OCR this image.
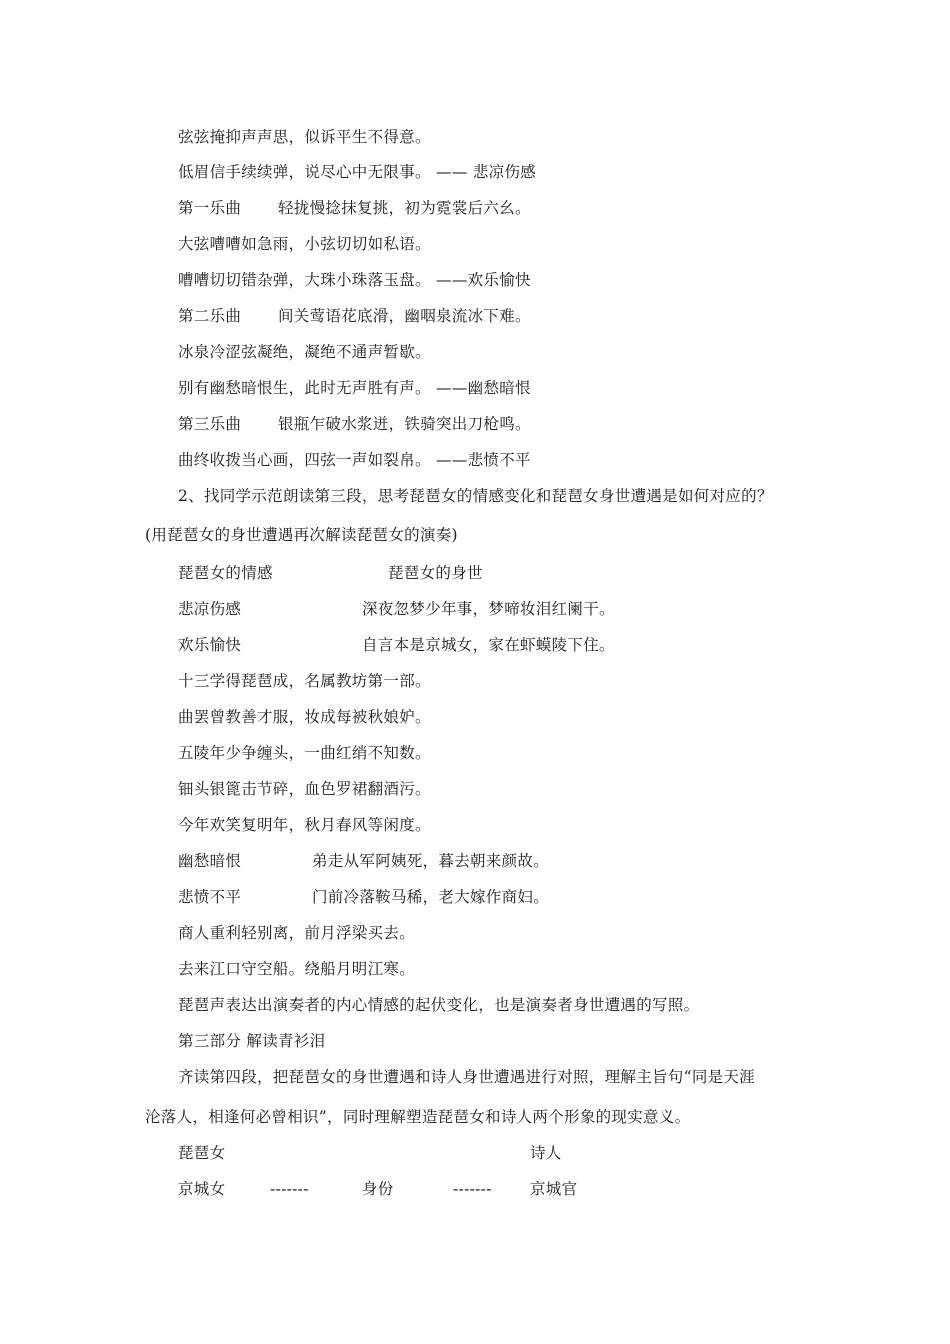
弦弦掩抑声声思，似诉平生不得意。
低眉信手续续弹，说尽心中无限事。 —— 悲凉伤感
第一乐曲 轻拢慢捻抹复挑，初为霓裳后六幺。
大弦嘈嘈如急雨，小弦切切如私语。
嘈嘈切切错杂弹，大珠小珠落玉盘。 ——欢乐愉快
第二乐曲 间关莺语花底滑，幽咽泉流冰下难。
冰泉冷涩弦凝绝，凝绝不通声暂歇。
别有幽愁暗恨生，此时无声胜有声。 ——幽愁暗恨
第三乐曲 银瓶乍破水浆迸，铁骑突出刀枪鸣。
曲终收拨当心画，四弦一声如裂帛。 ——悲愤不平
2、找同学示范朗读第三段，思考琵琶女的情感变化和琵琶女身世遭遇是如何对应的？
(用琵琶女的身世遭遇再次解读琵琶女的演奏)
琵琶女的情感	琵琶女的身世
悲凉伤感	深夜忽梦少年事，梦啼妆泪红阑干。
欢乐愉快	自言本是京城女，家在虾蟆陵下住。
十三学得琵琶成，名属教坊第一部。
曲罢曾教善才服，妆成每被秋娘妒。
五陵年少争缠头，一曲红绡不知数。
钿头银篦击节碎，血色罗裙翻酒污。
今年欢笑复明年，秋月春风等闲度。
幽愁暗恨	弟走从军阿姨死，暮去朝来颜故。
悲愤不平	门前冷落鞍马稀，老大嫁作商妇。
商人重利轻别离，前月浮梁买去。
去来江口守空船。绕船月明江寒。
琵琶声表达出演奏者的内心情感的起伏变化，也是演奏者身世遭遇的写照。
第三部分 解读青衫泪
齐读第四段，把琵琶女的身世遭遇和诗人身世遭遇进行对照，理解主旨句“同是天涯
沦落人，相逢何必曾相识”，同时理解塑造琵琶女和诗人两个形象的现实意义。
琵琶女	诗人
京城女	-------	身份	------- 京城官
